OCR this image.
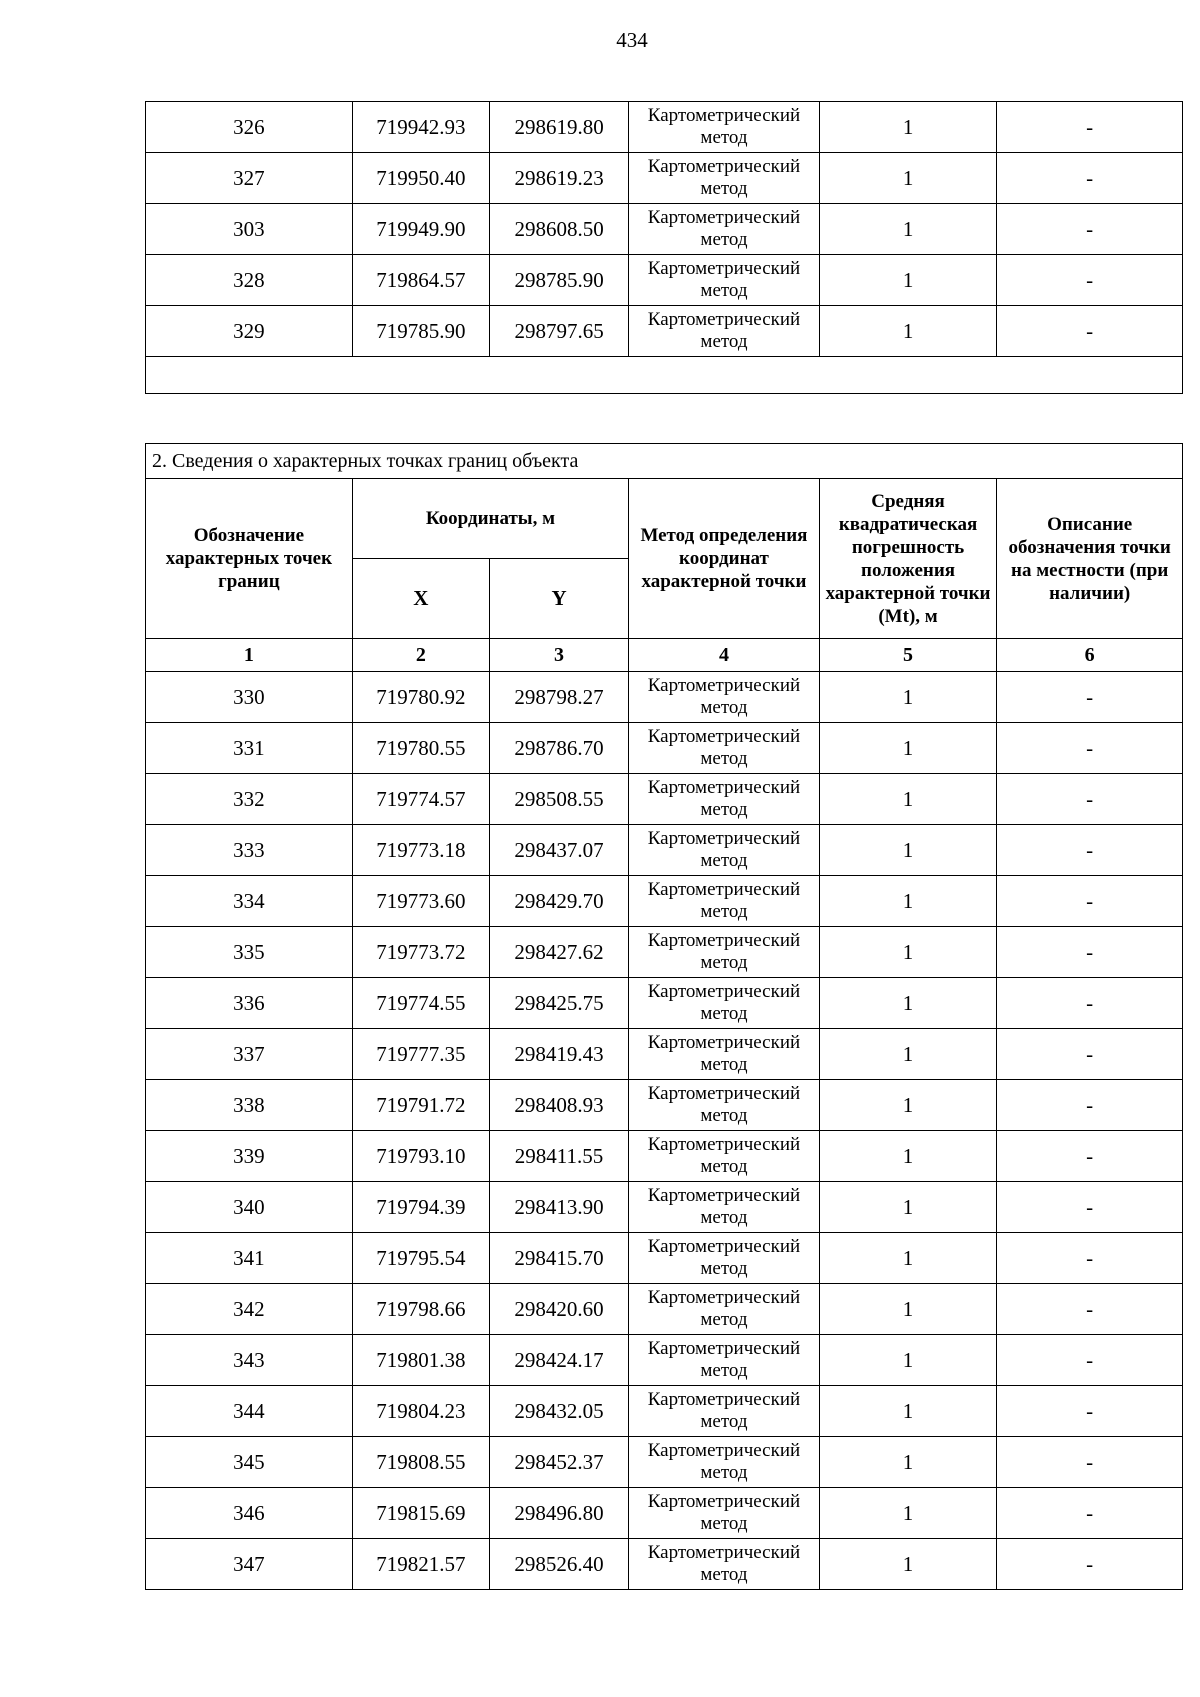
434
326	719942.93	298619.80	Картометрический метод	1	-
327	719950.40	298619.23	Картометрический метод	1	-
303	719949.90	298608.50	Картометрический метод	1	-
328	719864.57	298785.90	Картометрический метод	1	-
329	719785.90	298797.65	Картометрический метод	1	-

2. Сведения о характерных точках границ объекта					
Обозначение характерных точек границ	Координаты, м		Метод определения координат характерной точки	Средняя квадратическая погрешность положения характерной точки (Mt), м	Описание обозначения точки на местности (при наличии)
	X	Y			
1	2	3	4	5	6
330	719780.92	298798.27	Картометрический метод	1	-
331	719780.55	298786.70	Картометрический метод	1	-
332	719774.57	298508.55	Картометрический метод	1	-
333	719773.18	298437.07	Картометрический метод	1	-
334	719773.60	298429.70	Картометрический метод	1	-
335	719773.72	298427.62	Картометрический метод	1	-
336	719774.55	298425.75	Картометрический метод	1	-
337	719777.35	298419.43	Картометрический метод	1	-
338	719791.72	298408.93	Картометрический метод	1	-
339	719793.10	298411.55	Картометрический метод	1	-
340	719794.39	298413.90	Картометрический метод	1	-
341	719795.54	298415.70	Картометрический метод	1	-
342	719798.66	298420.60	Картометрический метод	1	-
343	719801.38	298424.17	Картометрический метод	1	-
344	719804.23	298432.05	Картометрический метод	1	-
345	719808.55	298452.37	Картометрический метод	1	-
346	719815.69	298496.80	Картометрический метод	1	-
347	719821.57	298526.40	Картометрический метод	1	-
